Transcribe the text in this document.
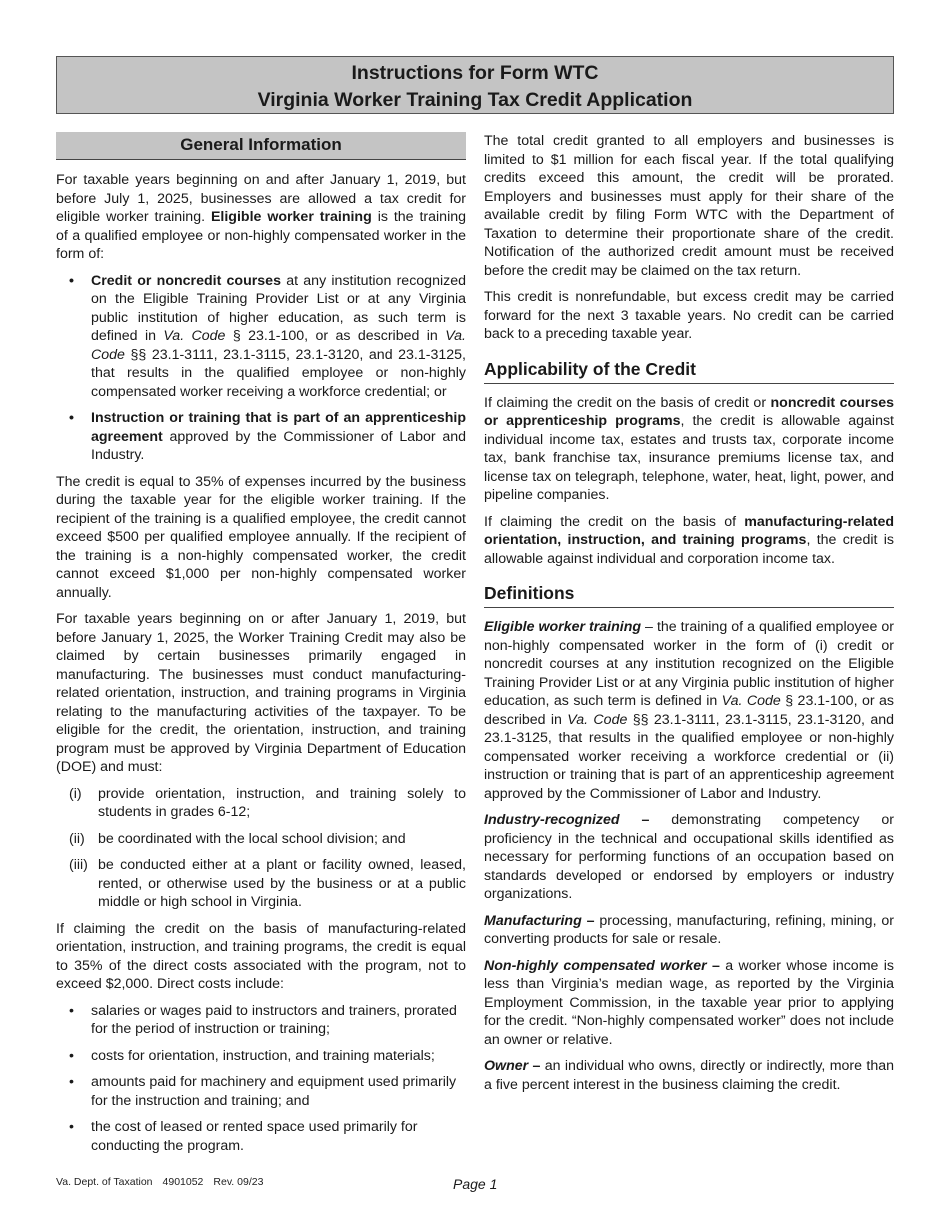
Instructions for Form WTC
Virginia Worker Training Tax Credit Application
General Information

For taxable years beginning on and after January 1, 2019, but before July 1, 2025, businesses are allowed a tax credit for eligible worker training. Eligible worker training is the training of a qualified employee or non-highly compensated worker in the form of:

• Credit or noncredit courses at any institution recognized on the Eligible Training Provider List or at any Virginia public institution of higher education, as such term is defined in Va. Code § 23.1-100, or as described in Va. Code §§ 23.1-3111, 23.1-3115, 23.1-3120, and 23.1-3125, that results in the qualified employee or non-highly compensated worker receiving a workforce credential; or
• Instruction or training that is part of an apprenticeship agreement approved by the Commissioner of Labor and Industry.

The credit is equal to 35% of expenses incurred by the business during the taxable year for the eligible worker training. If the recipient of the training is a qualified employee, the credit cannot exceed $500 per qualified employee annually. If the recipient of the training is a non-highly compensated worker, the credit cannot exceed $1,000 per non-highly compensated worker annually.

For taxable years beginning on or after January 1, 2019, but before January 1, 2025, the Worker Training Credit may also be claimed by certain businesses primarily engaged in manufacturing. The businesses must conduct manufacturing-related orientation, instruction, and training programs in Virginia relating to the manufacturing activities of the taxpayer. To be eligible for the credit, the orientation, instruction, and training program must be approved by Virginia Department of Education (DOE) and must:

(i) provide orientation, instruction, and training solely to students in grades 6-12;
(ii) be coordinated with the local school division; and
(iii) be conducted either at a plant or facility owned, leased, rented, or otherwise used by the business or at a public middle or high school in Virginia.

If claiming the credit on the basis of manufacturing-related orientation, instruction, and training programs, the credit is equal to 35% of the direct costs associated with the program, not to exceed $2,000. Direct costs include:

• salaries or wages paid to instructors and trainers, prorated for the period of instruction or training;
• costs for orientation, instruction, and training materials;
• amounts paid for machinery and equipment used primarily for the instruction and training; and
• the cost of leased or rented space used primarily for conducting the program.

The total credit granted to all employers and businesses is limited to $1 million for each fiscal year. If the total qualifying credits exceed this amount, the credit will be prorated. Employers and businesses must apply for their share of the available credit by filing Form WTC with the Department of Taxation to determine their proportionate share of the credit. Notification of the authorized credit amount must be received before the credit may be claimed on the tax return.

This credit is nonrefundable, but excess credit may be carried forward for the next 3 taxable years. No credit can be carried back to a preceding taxable year.

Applicability of the Credit

If claiming the credit on the basis of credit or noncredit courses or apprenticeship programs, the credit is allowable against individual income tax, estates and trusts tax, corporate income tax, bank franchise tax, insurance premiums license tax, and license tax on telegraph, telephone, water, heat, light, power, and pipeline companies.

If claiming the credit on the basis of manufacturing-related orientation, instruction, and training programs, the credit is allowable against individual and corporation income tax.

Definitions

Eligible worker training – the training of a qualified employee or non-highly compensated worker in the form of (i) credit or noncredit courses at any institution recognized on the Eligible Training Provider List or at any Virginia public institution of higher education, as such term is defined in Va. Code § 23.1-100, or as described in Va. Code §§ 23.1-3111, 23.1-3115, 23.1-3120, and 23.1-3125, that results in the qualified employee or non-highly compensated worker receiving a workforce credential or (ii) instruction or training that is part of an apprenticeship agreement approved by the Commissioner of Labor and Industry.

Industry-recognized – demonstrating competency or proficiency in the technical and occupational skills identified as necessary for performing functions of an occupation based on standards developed or endorsed by employers or industry organizations.

Manufacturing – processing, manufacturing, refining, mining, or converting products for sale or resale.

Non-highly compensated worker – a worker whose income is less than Virginia’s median wage, as reported by the Virginia Employment Commission, in the taxable year prior to applying for the credit. “Non-highly compensated worker” does not include an owner or relative.

Owner – an individual who owns, directly or indirectly, more than a five percent interest in the business claiming the credit.

Va. Dept. of Taxation 4901052 Rev. 09/23	Page 1
